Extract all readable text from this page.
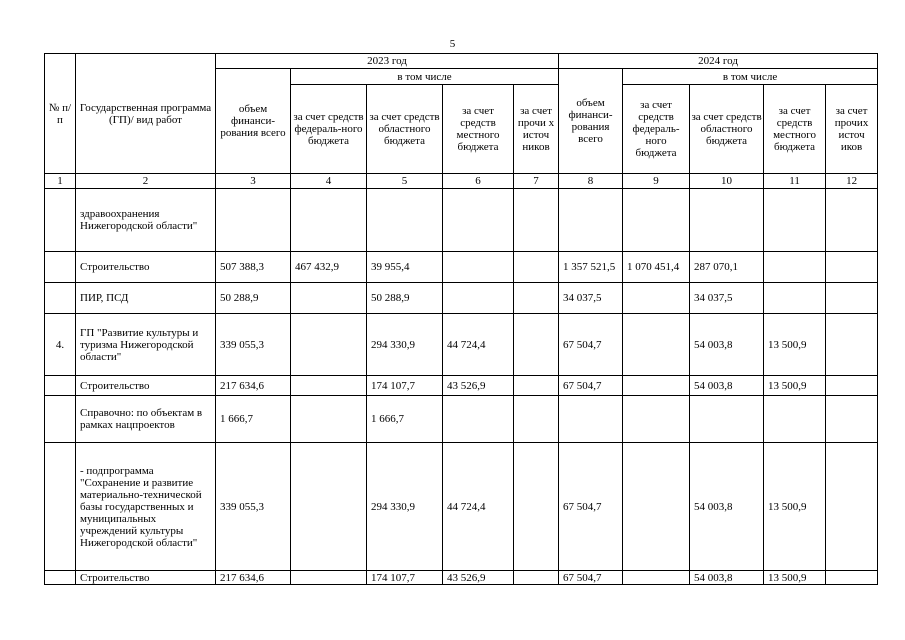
5
№ п/ п	Государственная программа (ГП)/ вид работ	2023 год					2024 год				
		объем финанси-рования всего	в том числе				объем финанси-рования всего	в том числе			
			за счет средств федераль-ного бюджета	за счет средств областного бюджета	за счет средств местного бюджета	за счет прочи х источ ников		за счет средств федераль-ного бюджета	за счет средств областного бюджета	за счет средств местного бюджета	за счет прочих источ иков
1	2	3	4	5	6	7	8	9	10	11	12
	здравоохранения Нижегородской области"										
	Строительство	507 388,3	467 432,9	39 955,4			1 357 521,5	1 070 451,4	287 070,1		
	ПИР, ПСД	50 288,9		50 288,9			34 037,5		34 037,5		
4.	ГП "Развитие культуры и туризма Нижегородской области"	339 055,3		294 330,9	44 724,4		67 504,7		54 003,8	13 500,9	
	Строительство	217 634,6		174 107,7	43 526,9		67 504,7		54 003,8	13 500,9	
	Справочно: по объектам в рамках нацпроектов	1 666,7		1 666,7							
	- подпрограмма "Сохранение и развитие материально-технической базы государственных и муниципальных учреждений культуры Нижегородской области"	339 055,3		294 330,9	44 724,4		67 504,7		54 003,8	13 500,9	
	Строительство	217 634,6		174 107,7	43 526,9		67 504,7		54 003,8	13 500,9	
